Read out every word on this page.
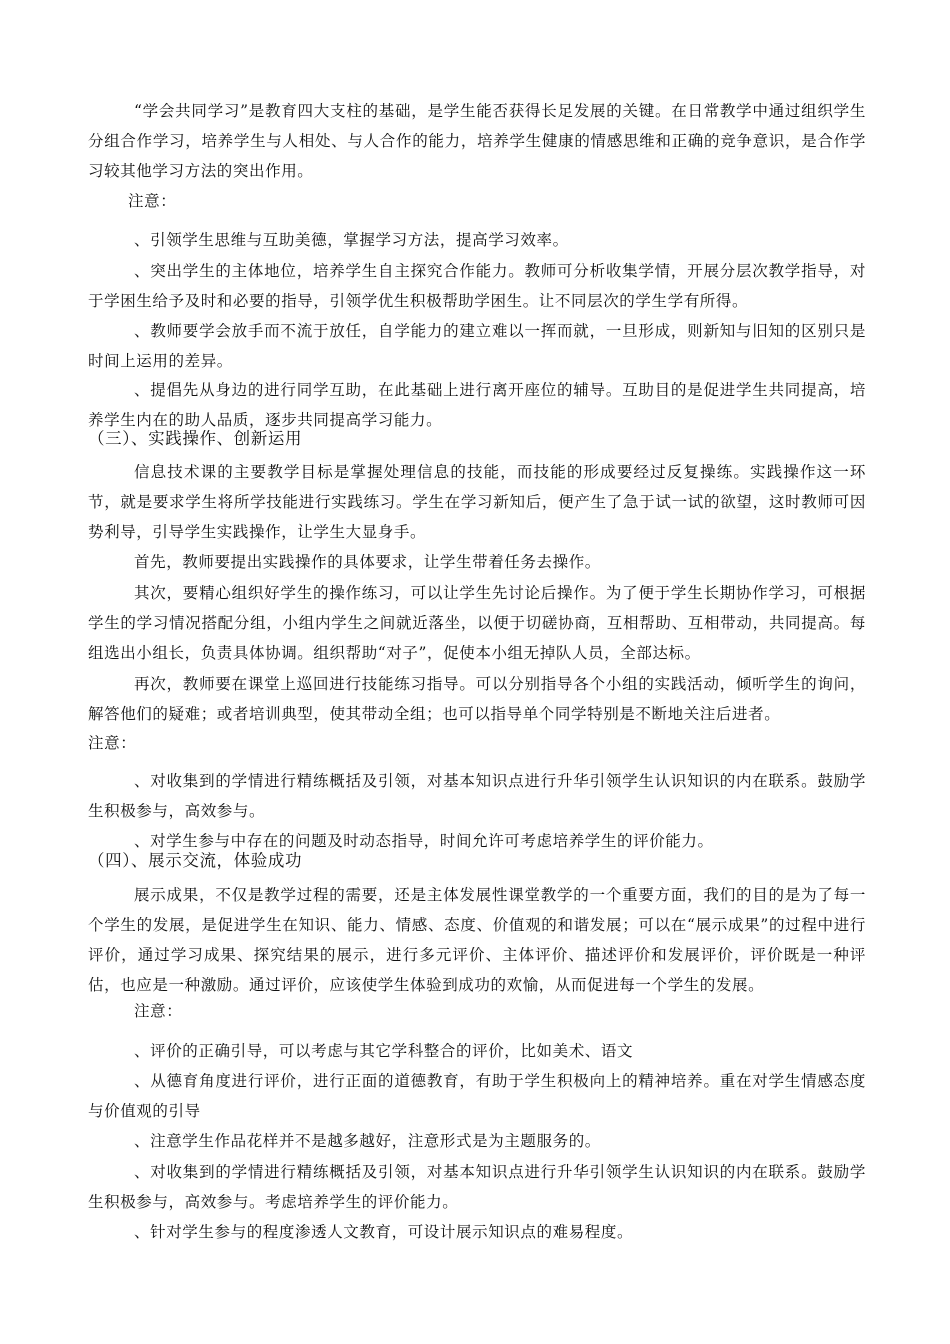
“学会共同学习”是教育四大支柱的基础，是学生能否获得长足发展的关键。在日常教学中通过组织学生分组合作学习，培养学生与人相处、与人合作的能力，培养学生健康的情感思维和正确的竞争意识，是合作学习较其他学习方法的突出作用。

注意：

、引领学生思维与互助美德，掌握学习方法，提高学习效率。

、突出学生的主体地位，培养学生自主探究合作能力。教师可分析收集学情，开展分层次教学指导，对于学困生给予及时和必要的指导，引领学优生积极帮助学困生。让不同层次的学生学有所得。

、教师要学会放手而不流于放任，自学能力的建立难以一挥而就，一旦形成，则新知与旧知的区别只是时间上运用的差异。

、提倡先从身边的进行同学互助，在此基础上进行离开座位的辅导。互助目的是促进学生共同提高，培养学生内在的助人品质，逐步共同提高学习能力。

（三）、实践操作、创新运用

信息技术课的主要教学目标是掌握处理信息的技能，而技能的形成要经过反复操练。实践操作这一环节，就是要求学生将所学技能进行实践练习。学生在学习新知后，便产生了急于试一试的欲望，这时教师可因势利导，引导学生实践操作，让学生大显身手。

首先，教师要提出实践操作的具体要求，让学生带着任务去操作。

其次，要精心组织好学生的操作练习，可以让学生先讨论后操作。为了便于学生长期协作学习，可根据学生的学习情况搭配分组，小组内学生之间就近落坐，以便于切磋协商，互相帮助、互相带动，共同提高。每组选出小组长，负责具体协调。组织帮助“对子”，促使本小组无掉队人员，全部达标。

再次，教师要在课堂上巡回进行技能练习指导。可以分别指导各个小组的实践活动，倾听学生的询问，解答他们的疑难；或者培训典型，使其带动全组；也可以指导单个同学特别是不断地关注后进者。

注意：

、对收集到的学情进行精练概括及引领，对基本知识点进行升华引领学生认识知识的内在联系。鼓励学生积极参与，高效参与。

、对学生参与中存在的问题及时动态指导，时间允许可考虑培养学生的评价能力。

（四）、展示交流，体验成功

展示成果，不仅是教学过程的需要，还是主体发展性课堂教学的一个重要方面，我们的目的是为了每一个学生的发展，是促进学生在知识、能力、情感、态度、价值观的和谐发展；可以在“展示成果”的过程中进行评价，通过学习成果、探究结果的展示，进行多元评价、主体评价、描述评价和发展评价，评价既是一种评估，也应是一种激励。通过评价，应该使学生体验到成功的欢愉，从而促进每一个学生的发展。

注意：

、评价的正确引导，可以考虑与其它学科整合的评价，比如美术、语文

、从德育角度进行评价，进行正面的道德教育，有助于学生积极向上的精神培养。重在对学生情感态度与价值观的引导

、注意学生作品花样并不是越多越好，注意形式是为主题服务的。

、对收集到的学情进行精练概括及引领，对基本知识点进行升华引领学生认识知识的内在联系。鼓励学生积极参与，高效参与。考虑培养学生的评价能力。

、针对学生参与的程度渗透人文教育，可设计展示知识点的难易程度。
